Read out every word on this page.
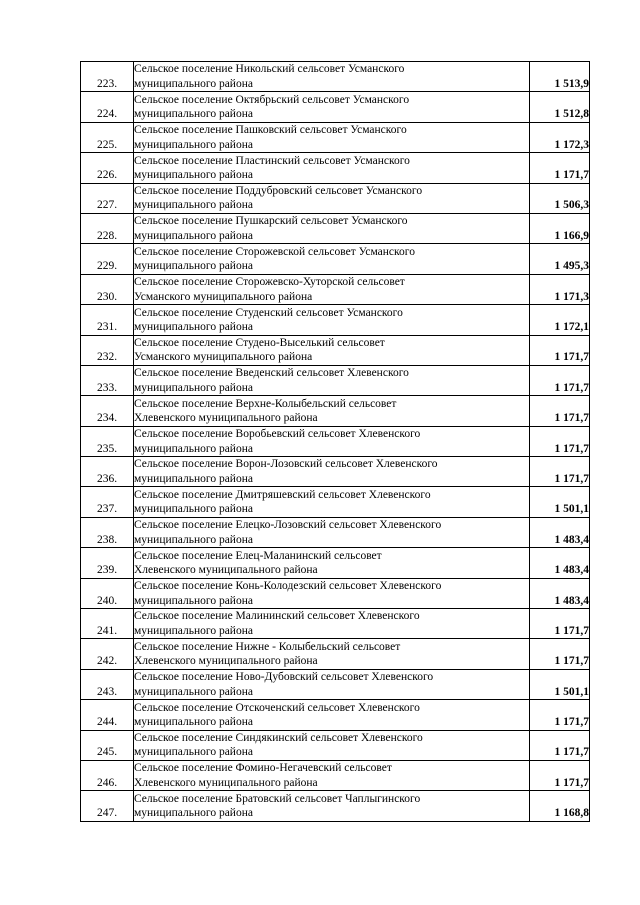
223.	Сельское поселение Никольский сельсовет Усманского
муниципального района	1 513,9
224.	Сельское поселение Октябрьский сельсовет Усманского
муниципального района	1 512,8
225.	Сельское поселение Пашковский сельсовет Усманского
муниципального района	1 172,3
226.	Сельское поселение Пластинский сельсовет Усманского
муниципального района	1 171,7
227.	Сельское поселение Поддубровский сельсовет Усманского
муниципального района	1 506,3
228.	Сельское поселение Пушкарский сельсовет Усманского
муниципального района	1 166,9
229.	Сельское поселение Сторожевской сельсовет Усманского
муниципального района	1 495,3
230.	Сельское поселение Сторожевско-Хуторской сельсовет
Усманского муниципального района	1 171,3
231.	Сельское поселение Студенский сельсовет Усманского
муниципального района	1 172,1
232.	Сельское поселение Студено-Выселький сельсовет
Усманского муниципального района	1 171,7
233.	Сельское поселение Введенский сельсовет Хлевенского
муниципального района	1 171,7
234.	Сельское поселение Верхне-Колыбельский сельсовет
Хлевенского муниципального района	1 171,7
235.	Сельское поселение Воробьевский сельсовет Хлевенского
муниципального района	1 171,7
236.	Сельское поселение Ворон-Лозовский сельсовет Хлевенского
муниципального района	1 171,7
237.	Сельское поселение Дмитряшевский сельсовет Хлевенского
муниципального района	1 501,1
238.	Сельское поселение Елецко-Лозовский сельсовет Хлевенского
муниципального района	1 483,4
239.	Сельское поселение Елец-Маланинский сельсовет
Хлевенского муниципального района	1 483,4
240.	Сельское поселение Конь-Колодезский сельсовет Хлевенского
муниципального района	1 483,4
241.	Сельское поселение Малининский сельсовет Хлевенского
муниципального района	1 171,7
242.	Сельское поселение Нижне - Колыбельский сельсовет
Хлевенского муниципального района	1 171,7
243.	Сельское поселение Ново-Дубовский сельсовет Хлевенского
муниципального района	1 501,1
244.	Сельское поселение Отскоченский сельсовет Хлевенского
муниципального района	1 171,7
245.	Сельское поселение Синдякинский сельсовет Хлевенского
муниципального района	1 171,7
246.	Сельское поселение Фомино-Негачевский сельсовет
Хлевенского муниципального района	1 171,7
247.	Сельское поселение Братовский сельсовет Чаплыгинского
муниципального района	1 168,8
